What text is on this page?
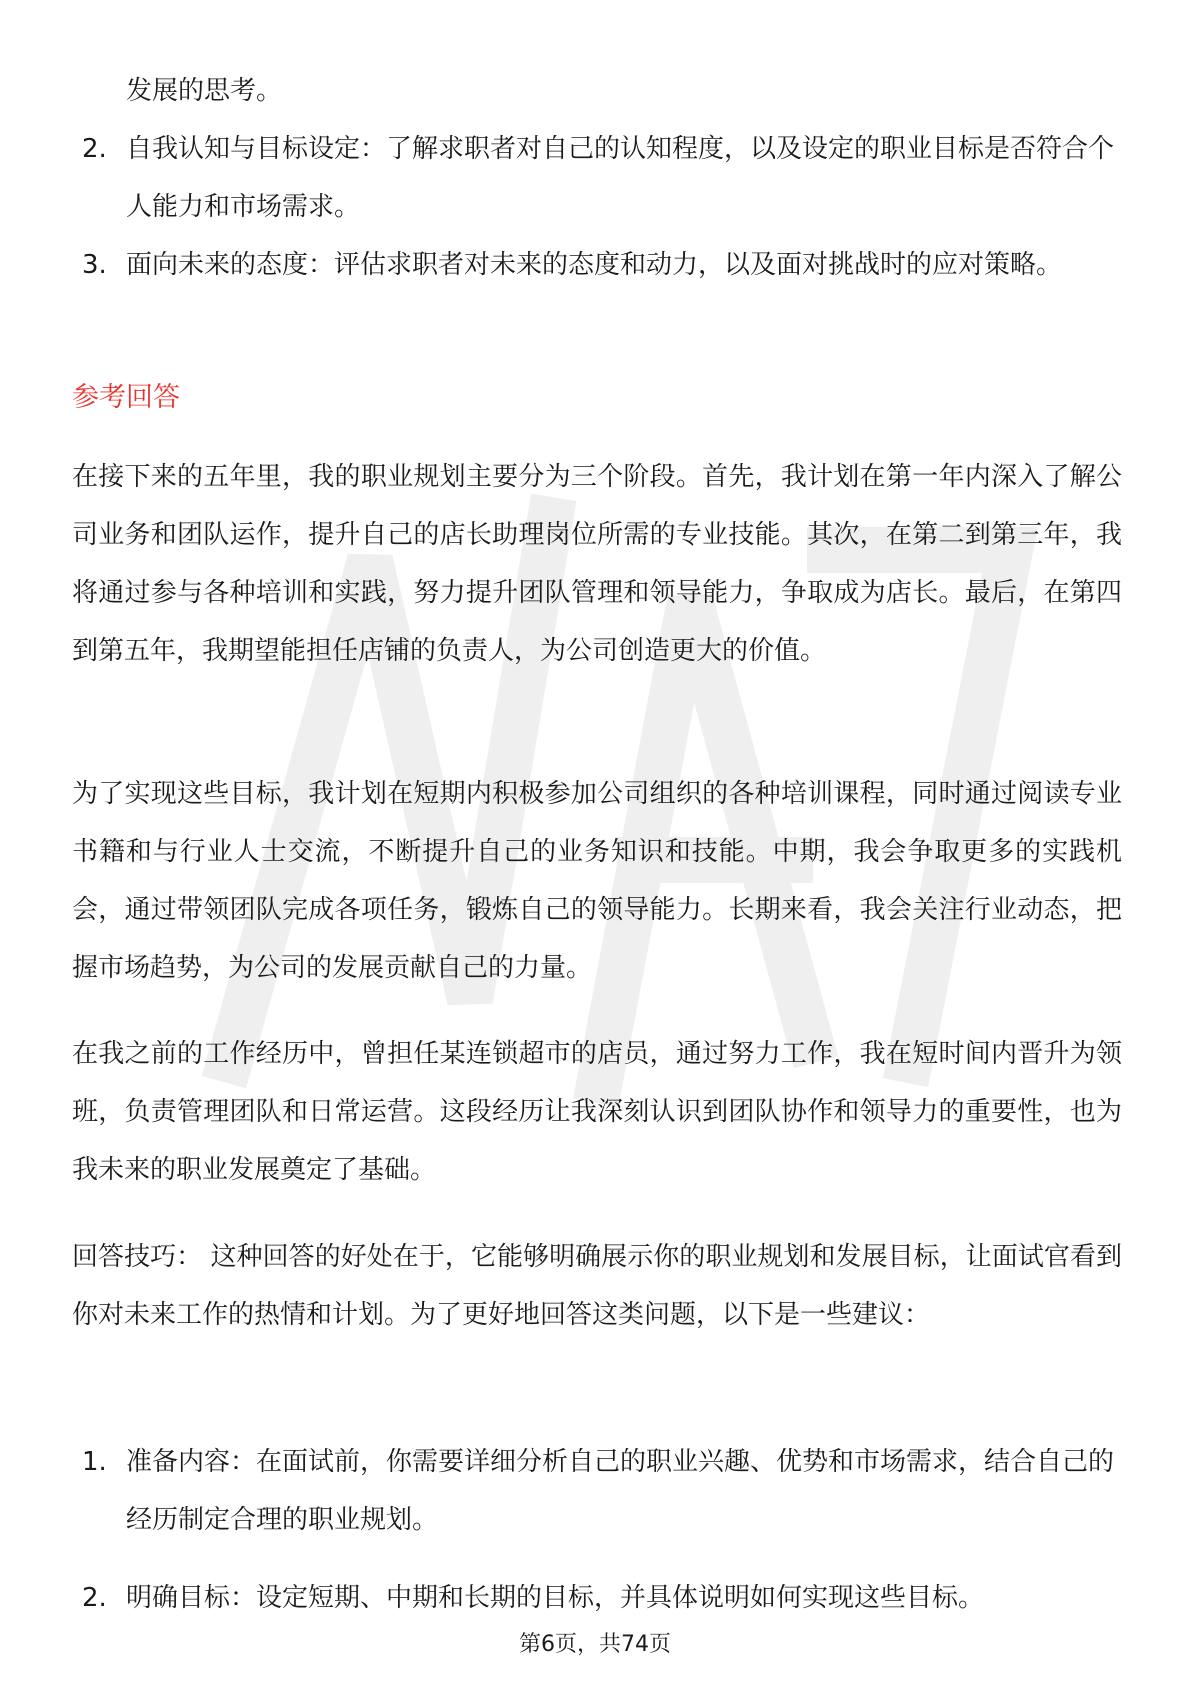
发展的思考。

2. 自我认知与目标设定：了解求职者对自己的认知程度，以及设定的职业目标是否符合个人能力和市场需求。
3. 面向未来的态度：评估求职者对未来的态度和动力，以及面对挑战时的应对策略。
参考回答

在接下来的五年里，我的职业规划主要分为三个阶段。首先，我计划在第一年内深入了解公司业务和团队运作，提升自己的店长助理岗位所需的专业技能。其次，在第二到第三年，我将通过参与各种培训和实践，努力提升团队管理和领导能力，争取成为店长。最后，在第四到第五年，我期望能担任店铺的负责人，为公司创造更大的价值。

为了实现这些目标，我计划在短期内积极参加公司组织的各种培训课程，同时通过阅读专业书籍和与行业人士交流，不断提升自己的业务知识和技能。中期，我会争取更多的实践机会，通过带领团队完成各项任务，锻炼自己的领导能力。长期来看，我会关注行业动态，把握市场趋势，为公司的发展贡献自己的力量。

在我之前的工作经历中，曾担任某连锁超市的店员，通过努力工作，我在短时间内晋升为领班，负责管理团队和日常运营。这段经历让我深刻认识到团队协作和领导力的重要性，也为我未来的职业发展奠定了基础。

回答技巧： 这种回答的好处在于，它能够明确展示你的职业规划和发展目标，让面试官看到你对未来工作的热情和计划。为了更好地回答这类问题，以下是一些建议：

1. 准备内容：在面试前，你需要详细分析自己的职业兴趣、优势和市场需求，结合自己的经历制定合理的职业规划。
2. 明确目标：设定短期、中期和长期的目标，并具体说明如何实现这些目标。
第6页，共74页
